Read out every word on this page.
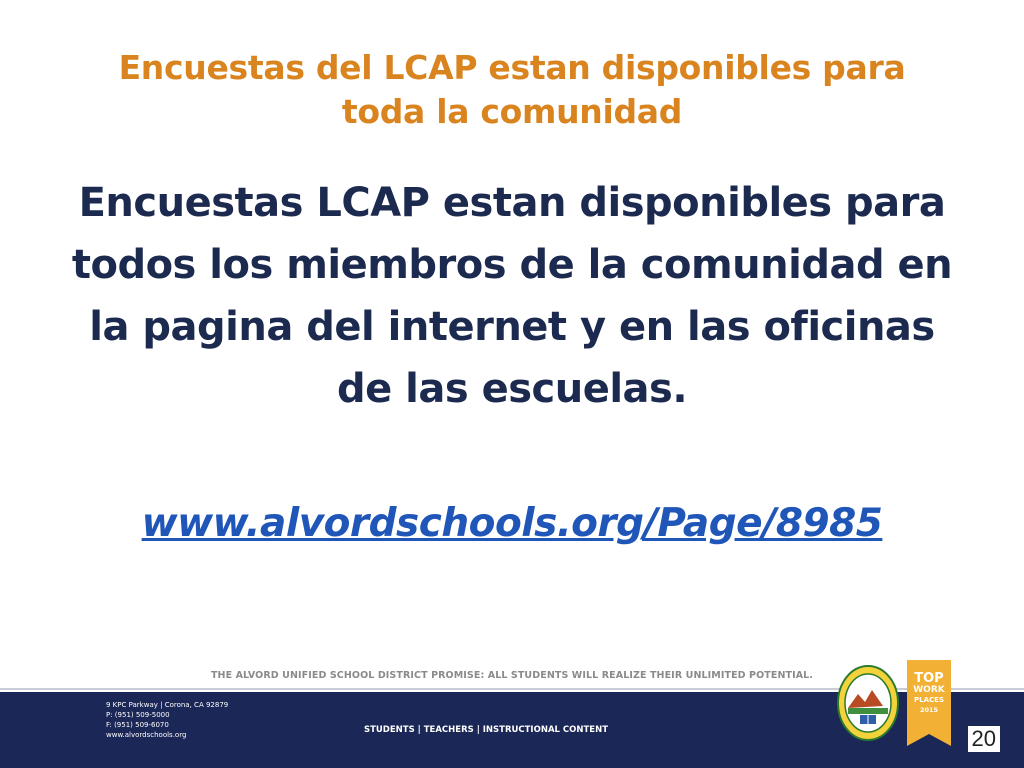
Encuestas del LCAP estan disponibles para
toda la comunidad
Encuestas LCAP estan disponibles para
todos los miembros de la comunidad en
la pagina del internet y en las oficinas
de las escuelas.
www.alvordschools.org/Page/8985
THE ALVORD UNIFIED SCHOOL DISTRICT PROMISE: ALL STUDENTS WILL REALIZE THEIR UNLIMITED POTENTIAL.
9 KPC Parkway | Corona, CA 92879
P: (951) 509-5000
F: (951) 509-6070
www.alvordschools.org	STUDENTS | TEACHERS | INSTRUCTIONAL CONTENT
TOP
WORK
PLACES
2015
20
